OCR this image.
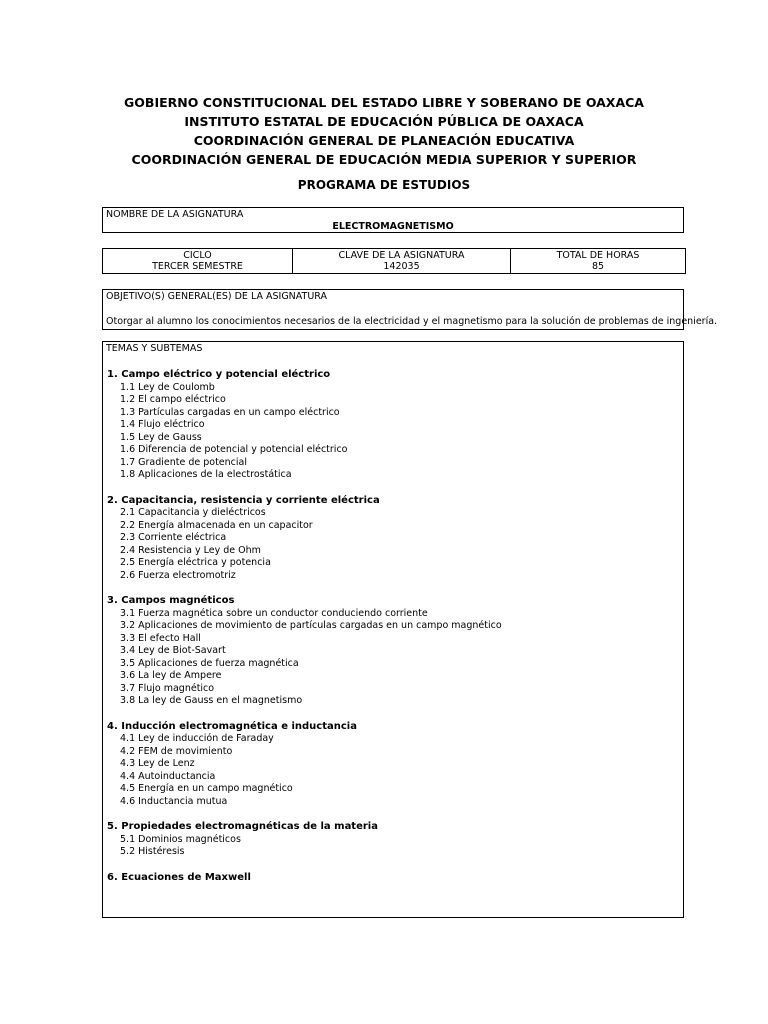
GOBIERNO CONSTITUCIONAL DEL ESTADO LIBRE Y SOBERANO DE OAXACA
INSTITUTO ESTATAL DE EDUCACIÓN PÚBLICA DE OAXACA
COORDINACIÓN GENERAL DE PLANEACIÓN EDUCATIVA
COORDINACIÓN GENERAL DE EDUCACIÓN MEDIA SUPERIOR Y SUPERIOR
PROGRAMA DE ESTUDIOS
NOMBRE DE LA ASIGNATURA
ELECTROMAGNETISMO
CICLO
TERCER SEMESTRE

CLAVE DE LA ASIGNATURA
142035

TOTAL DE HORAS
85
OBJETIVO(S) GENERAL(ES) DE LA ASIGNATURA
Otorgar al alumno los conocimientos necesarios de la electricidad y el magnetismo para la solución de problemas de ingeniería.
TEMAS Y SUBTEMAS
1. Campo eléctrico y potencial eléctrico
1.1 Ley de Coulomb
1.2 El campo eléctrico
1.3 Partículas cargadas en un campo eléctrico
1.4 Flujo eléctrico
1.5 Ley de Gauss
1.6 Diferencia de potencial y potencial eléctrico
1.7 Gradiente de potencial
1.8 Aplicaciones de la electrostática
2. Capacitancia, resistencia y corriente eléctrica
2.1 Capacitancia y dieléctricos
2.2 Energía almacenada en un capacitor
2.3 Corriente eléctrica
2.4 Resistencia y Ley de Ohm
2.5 Energía eléctrica y potencia
2.6 Fuerza electromotriz
3. Campos magnéticos
3.1 Fuerza magnética sobre un conductor conduciendo corriente
3.2 Aplicaciones de movimiento de partículas cargadas en un campo magnético
3.3 El efecto Hall
3.4 Ley de Biot-Savart
3.5 Aplicaciones de fuerza magnética
3.6 La ley de Ampere
3.7 Flujo magnético
3.8 La ley de Gauss en el magnetismo
4. Inducción electromagnética e inductancia
4.1 Ley de inducción de Faraday
4.2 FEM de movimiento
4.3 Ley de Lenz
4.4 Autoinductancia
4.5 Energía en un campo magnético
4.6 Inductancia mutua
5. Propiedades electromagnéticas de la materia
5.1 Dominios magnéticos
5.2 Histéresis
6. Ecuaciones de Maxwell
